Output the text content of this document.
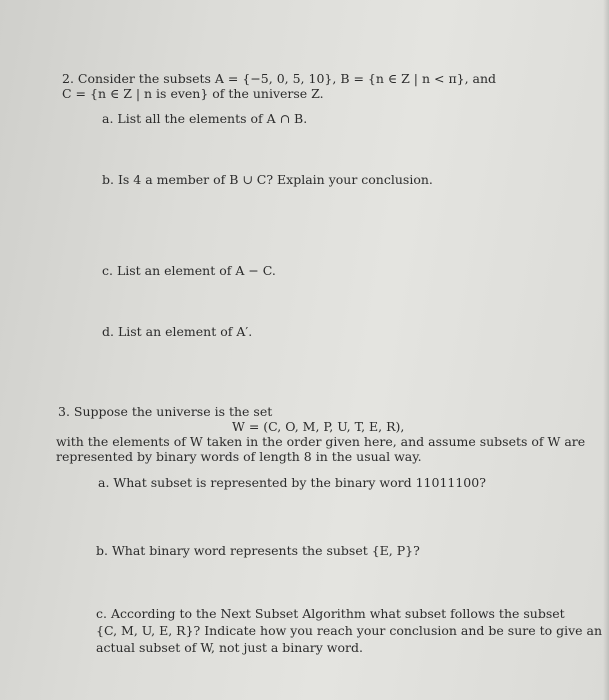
2. Consider the subsets A = {−5, 0, 5, 10}, B = {n ∈ Z | n < π}, and
C = {n ∈ Z | n is even} of the universe Z.
a. List all the elements of A ∩ B.
b. Is 4 a member of B ∪ C? Explain your conclusion.
c. List an element of A − C.
d. List an element of A′.
3. Suppose the universe is the set
W = (C, O, M, P, U, T, E, R),
with the elements of W taken in the order given here, and assume subsets of W are
represented by binary words of length 8 in the usual way.
a. What subset is represented by the binary word 11011100?
b. What binary word represents the subset {E, P}?
c. According to the Next Subset Algorithm what subset follows the subset
{C, M, U, E, R}? Indicate how you reach your conclusion and be sure to give an
actual subset of W, not just a binary word.
